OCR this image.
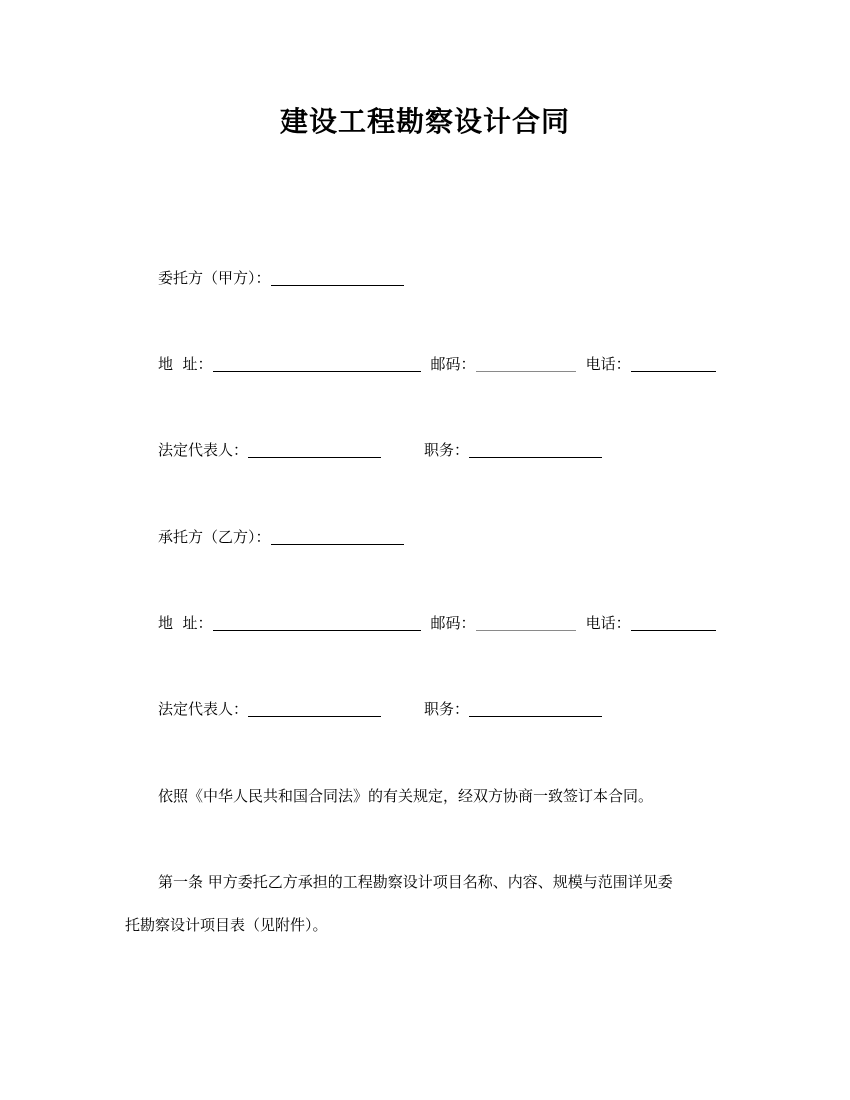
建设工程勘察设计合同
委托方（甲方）：
地  址：	邮码：	电话：
法定代表人：	职务：
承托方（乙方）：
地  址：	邮码：	电话：
法定代表人：	职务：
依照《中华人民共和国合同法》的有关规定，经双方协商一致签订本合同。
第一条 甲方委托乙方承担的工程勘察设计项目名称、内容、规模与范围详见委
托勘察设计项目表（见附件）。
